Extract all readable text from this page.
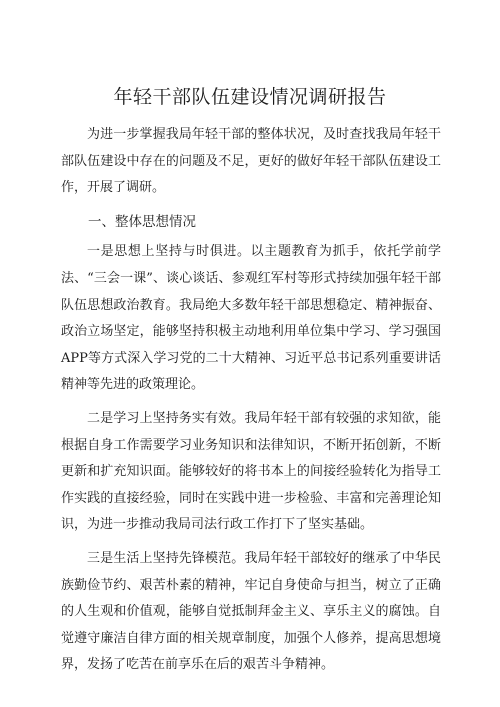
年轻干部队伍建设情况调研报告

为进一步掌握我局年轻干部的整体状况，及时查找我局年轻干部队伍建设中存在的问题及不足，更好的做好年轻干部队伍建设工作，开展了调研。

一、整体思想情况

一是思想上坚持与时俱进。以主题教育为抓手，依托学前学法、“三会一课”、谈心谈话、参观红军村等形式持续加强年轻干部队伍思想政治教育。我局绝大多数年轻干部思想稳定、精神振奋、政治立场坚定，能够坚持积极主动地利用单位集中学习、学习强国APP等方式深入学习党的二十大精神、习近平总书记系列重要讲话精神等先进的政策理论。

二是学习上坚持务实有效。我局年轻干部有较强的求知欲，能根据自身工作需要学习业务知识和法律知识，不断开拓创新，不断更新和扩充知识面。能够较好的将书本上的间接经验转化为指导工作实践的直接经验，同时在实践中进一步检验、丰富和完善理论知识，为进一步推动我局司法行政工作打下了坚实基础。

三是生活上坚持先锋模范。我局年轻干部较好的继承了中华民族勤俭节约、艰苦朴素的精神，牢记自身使命与担当，树立了正确的人生观和价值观，能够自觉抵制拜金主义、享乐主义的腐蚀。自觉遵守廉洁自律方面的相关规章制度，加强个人修养，提高思想境界，发扬了吃苦在前享乐在后的艰苦斗争精神。
